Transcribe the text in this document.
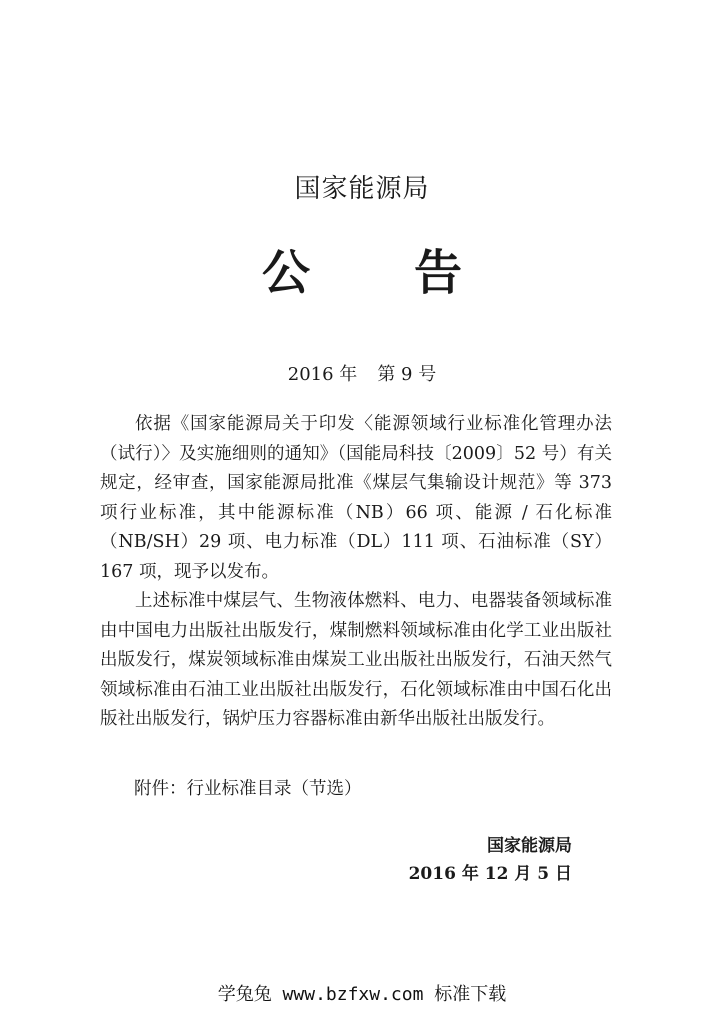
国家能源局
公 告
2016 年 第 9 号

依据《国家能源局关于印发〈能源领域行业标准化管理办法（试行）〉及实施细则的通知》（国能局科技〔2009〕52 号）有关规定，经审查，国家能源局批准《煤层气集输设计规范》等 373 项行业标准，其中能源标准（NB）66 项、能源 / 石化标准（NB/SH）29 项、电力标准（DL）111 项、石油标准（SY）167 项，现予以发布。

上述标准中煤层气、生物液体燃料、电力、电器装备领域标准由中国电力出版社出版发行，煤制燃料领域标准由化学工业出版社出版发行，煤炭领域标准由煤炭工业出版社出版发行，石油天然气领域标准由石油工业出版社出版发行，石化领域标准由中国石化出版社出版发行，锅炉压力容器标准由新华出版社出版发行。

附件：行业标准目录（节选）
国家能源局
2016 年 12 月 5 日
学兔兔 www.bzfxw.com 标准下载
